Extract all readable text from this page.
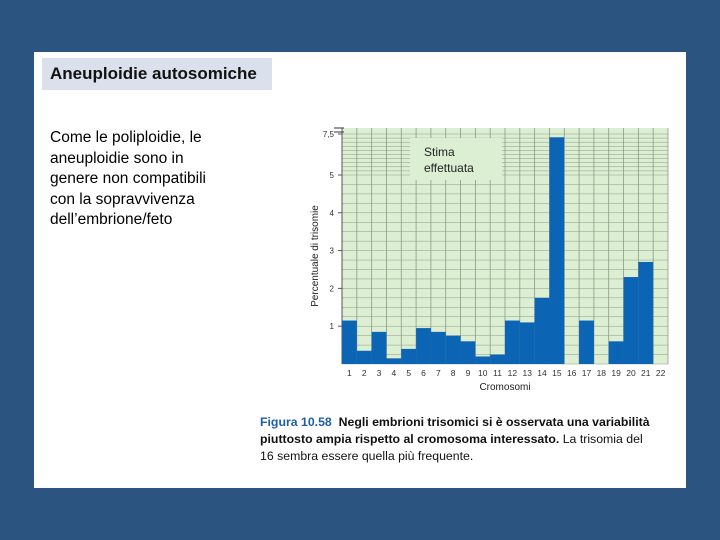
Aneuploidie autosomiche
Come le poliploidie, le
aneuploidie sono in
genere non compatibili
con la sopravvivenza
dell’embrione/feto
1
2
3
4
5
7,5
1 2 3 4 5 6 7 8 9 10 11 12 13 14 15 16 17 18 19 20 21 22
Cromosomi
Percentuale di trisomie
Stima
effettuata
Figura 10.58 Negli embrioni trisomici si è osservata una variabilità piuttosto ampia rispetto al cromosoma interessato. La trisomia del 16 sembra essere quella più frequente.
